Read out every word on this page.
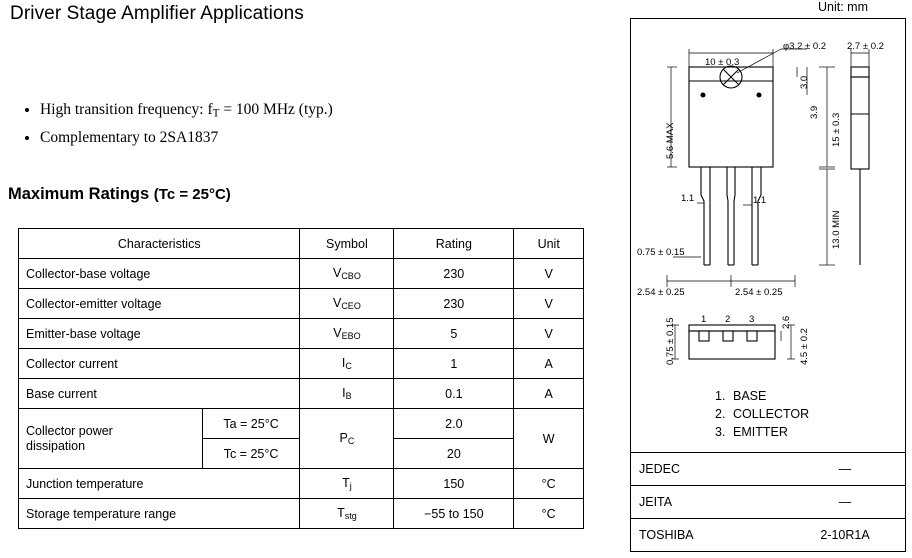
Driver Stage Amplifier Applications
• High transition frequency: $f_T = 100$ MHz (typ.)
• Complementary to 2SA1837
Maximum Ratings (Tc = 25°C)
Characteristics		Symbol	Rating	Unit
Collector-base voltage		$V_{CBO}$	230	V
Collector-emitter voltage		$V_{CEO}$	230	V
Emitter-base voltage		$V_{EBO}$	5	V
Collector current		$I_C$	1	A
Base current		$I_B$	0.1	A
Collector power
dissipation	Ta = 25°C	$P_C$	2.0	W
	Tc = 25°C		20	
Junction temperature		$T_j$	150	°C
Storage temperature range		$T_{stg}$	−55 to 150	°C
Unit: mm
10 ± 0.3
φ3.2 ± 0.2 2.7 ± 0.2
3.0
3.9
15 ± 0.3
5.6 MAX
13.0 MIN
1.1	1.1
0.75 ± 0.15
2.54 ± 0.25	2.54 ± 0.25
0.75 ± 0.15	2.6
4.5 ± 0.2
1 2 3
1. BASE
2. COLLECTOR
3. EMITTER
JEDEC	—
JEITA	—
TOSHIBA	2-10R1A
